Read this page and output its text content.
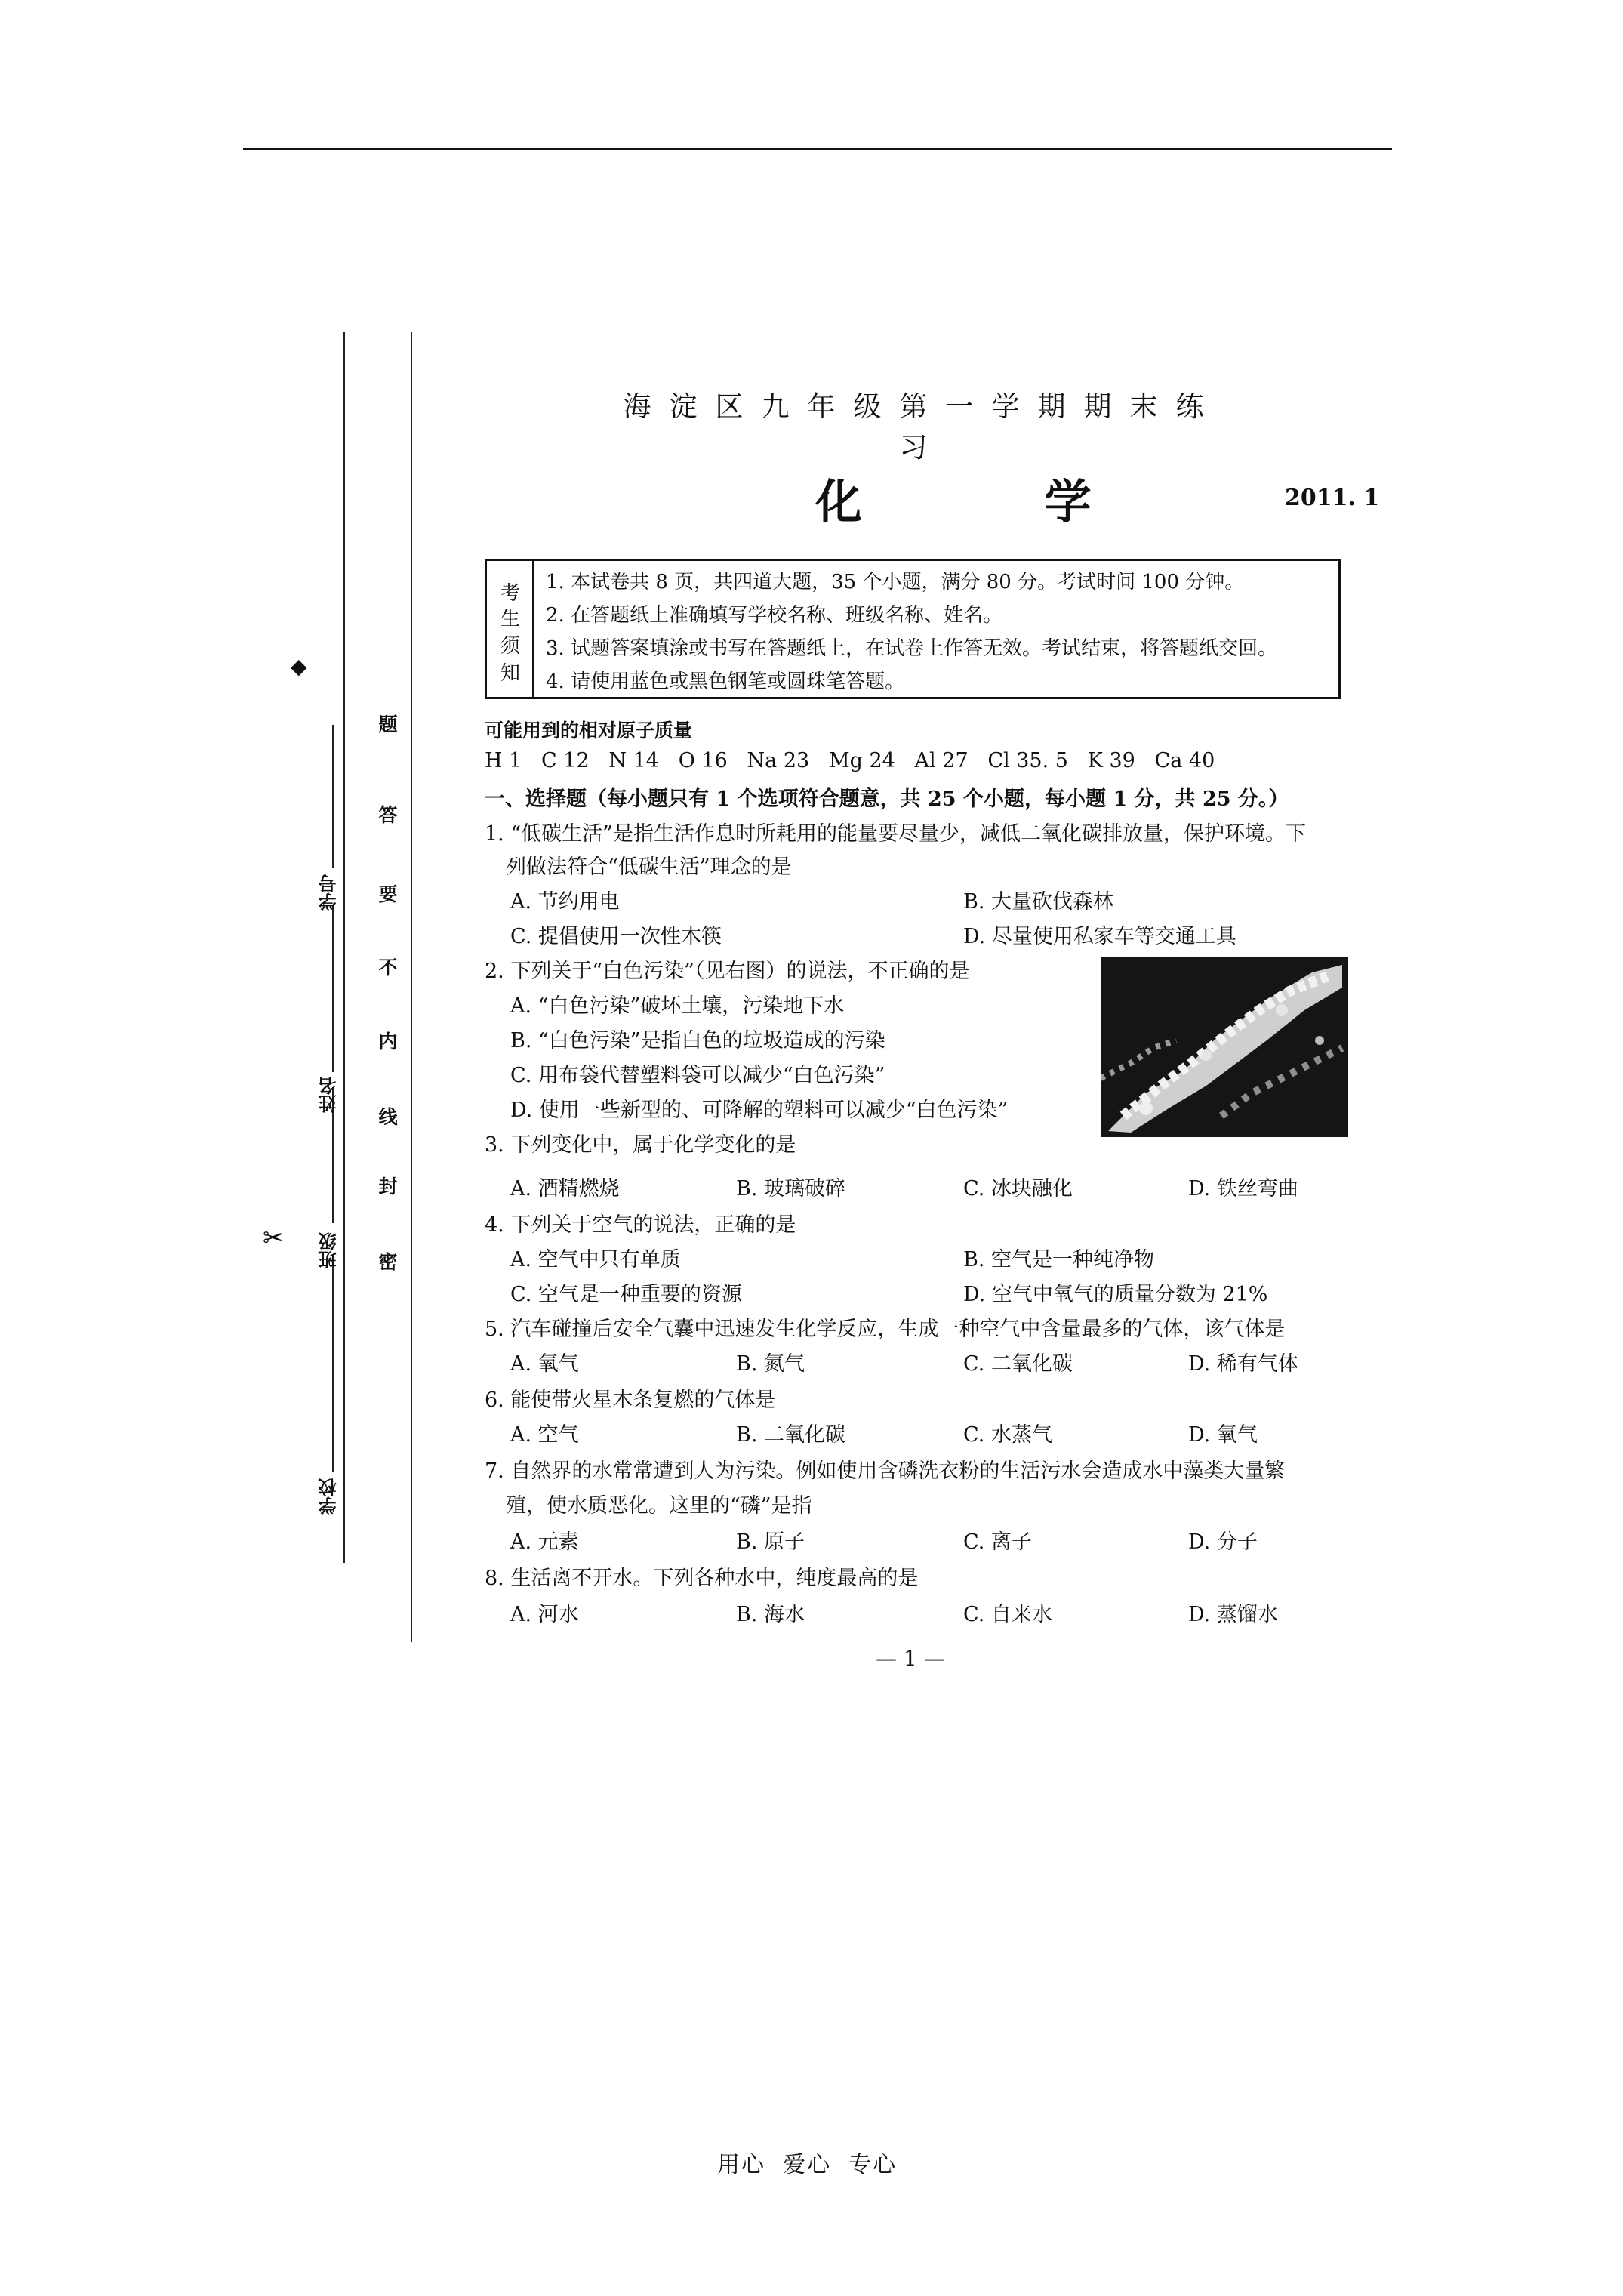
学校
班级
姓名
学号
密
封
线
内
不
要
答
题
◆
✂
海淀区九年级第一学期期末练习
化 学	2011. 1
考
生
须
知
1. 本试卷共 8 页，共四道大题，35 个小题，满分 80 分。考试时间 100 分钟。
2. 在答题纸上准确填写学校名称、班级名称、姓名。
3. 试题答案填涂或书写在答题纸上，在试卷上作答无效。考试结束，将答题纸交回。
4. 请使用蓝色或黑色钢笔或圆珠笔答题。
可能用到的相对原子质量
H 1   C 12   N 14   O 16   Na 23   Mg 24   Al 27   Cl 35. 5   K 39   Ca 40
一、选择题（每小题只有 1 个选项符合题意，共 25 个小题，每小题 1 分，共 25 分。）
1. “低碳生活”是指生活作息时所耗用的能量要尽量少，减低二氧化碳排放量，保护环境。下
列做法符合“低碳生活”理念的是
A. 节约用电	B. 大量砍伐森林
C. 提倡使用一次性木筷	D. 尽量使用私家车等交通工具
2. 下列关于“白色污染”（见右图）的说法，不正确的是
A. “白色污染”破坏土壤，污染地下水
B. “白色污染”是指白色的垃圾造成的污染
C. 用布袋代替塑料袋可以减少“白色污染”
D. 使用一些新型的、可降解的塑料可以减少“白色污染”
3. 下列变化中，属于化学变化的是
A. 酒精燃烧	B. 玻璃破碎	C. 冰块融化	D. 铁丝弯曲
4. 下列关于空气的说法，正确的是
A. 空气中只有单质	B. 空气是一种纯净物
C. 空气是一种重要的资源	D. 空气中氧气的质量分数为 21%
5. 汽车碰撞后安全气囊中迅速发生化学反应，生成一种空气中含量最多的气体，该气体是
A. 氧气	B. 氮气	C. 二氧化碳	D. 稀有气体
6. 能使带火星木条复燃的气体是
A. 空气	B. 二氧化碳	C. 水蒸气	D. 氧气
7. 自然界的水常常遭到人为污染。例如使用含磷洗衣粉的生活污水会造成水中藻类大量繁
殖，使水质恶化。这里的“磷”是指
A. 元素	B. 原子	C. 离子	D. 分子
8. 生活离不开水。下列各种水中，纯度最高的是
A. 河水	B. 海水	C. 自来水	D. 蒸馏水
— 1 —
用心  爱心  专心
